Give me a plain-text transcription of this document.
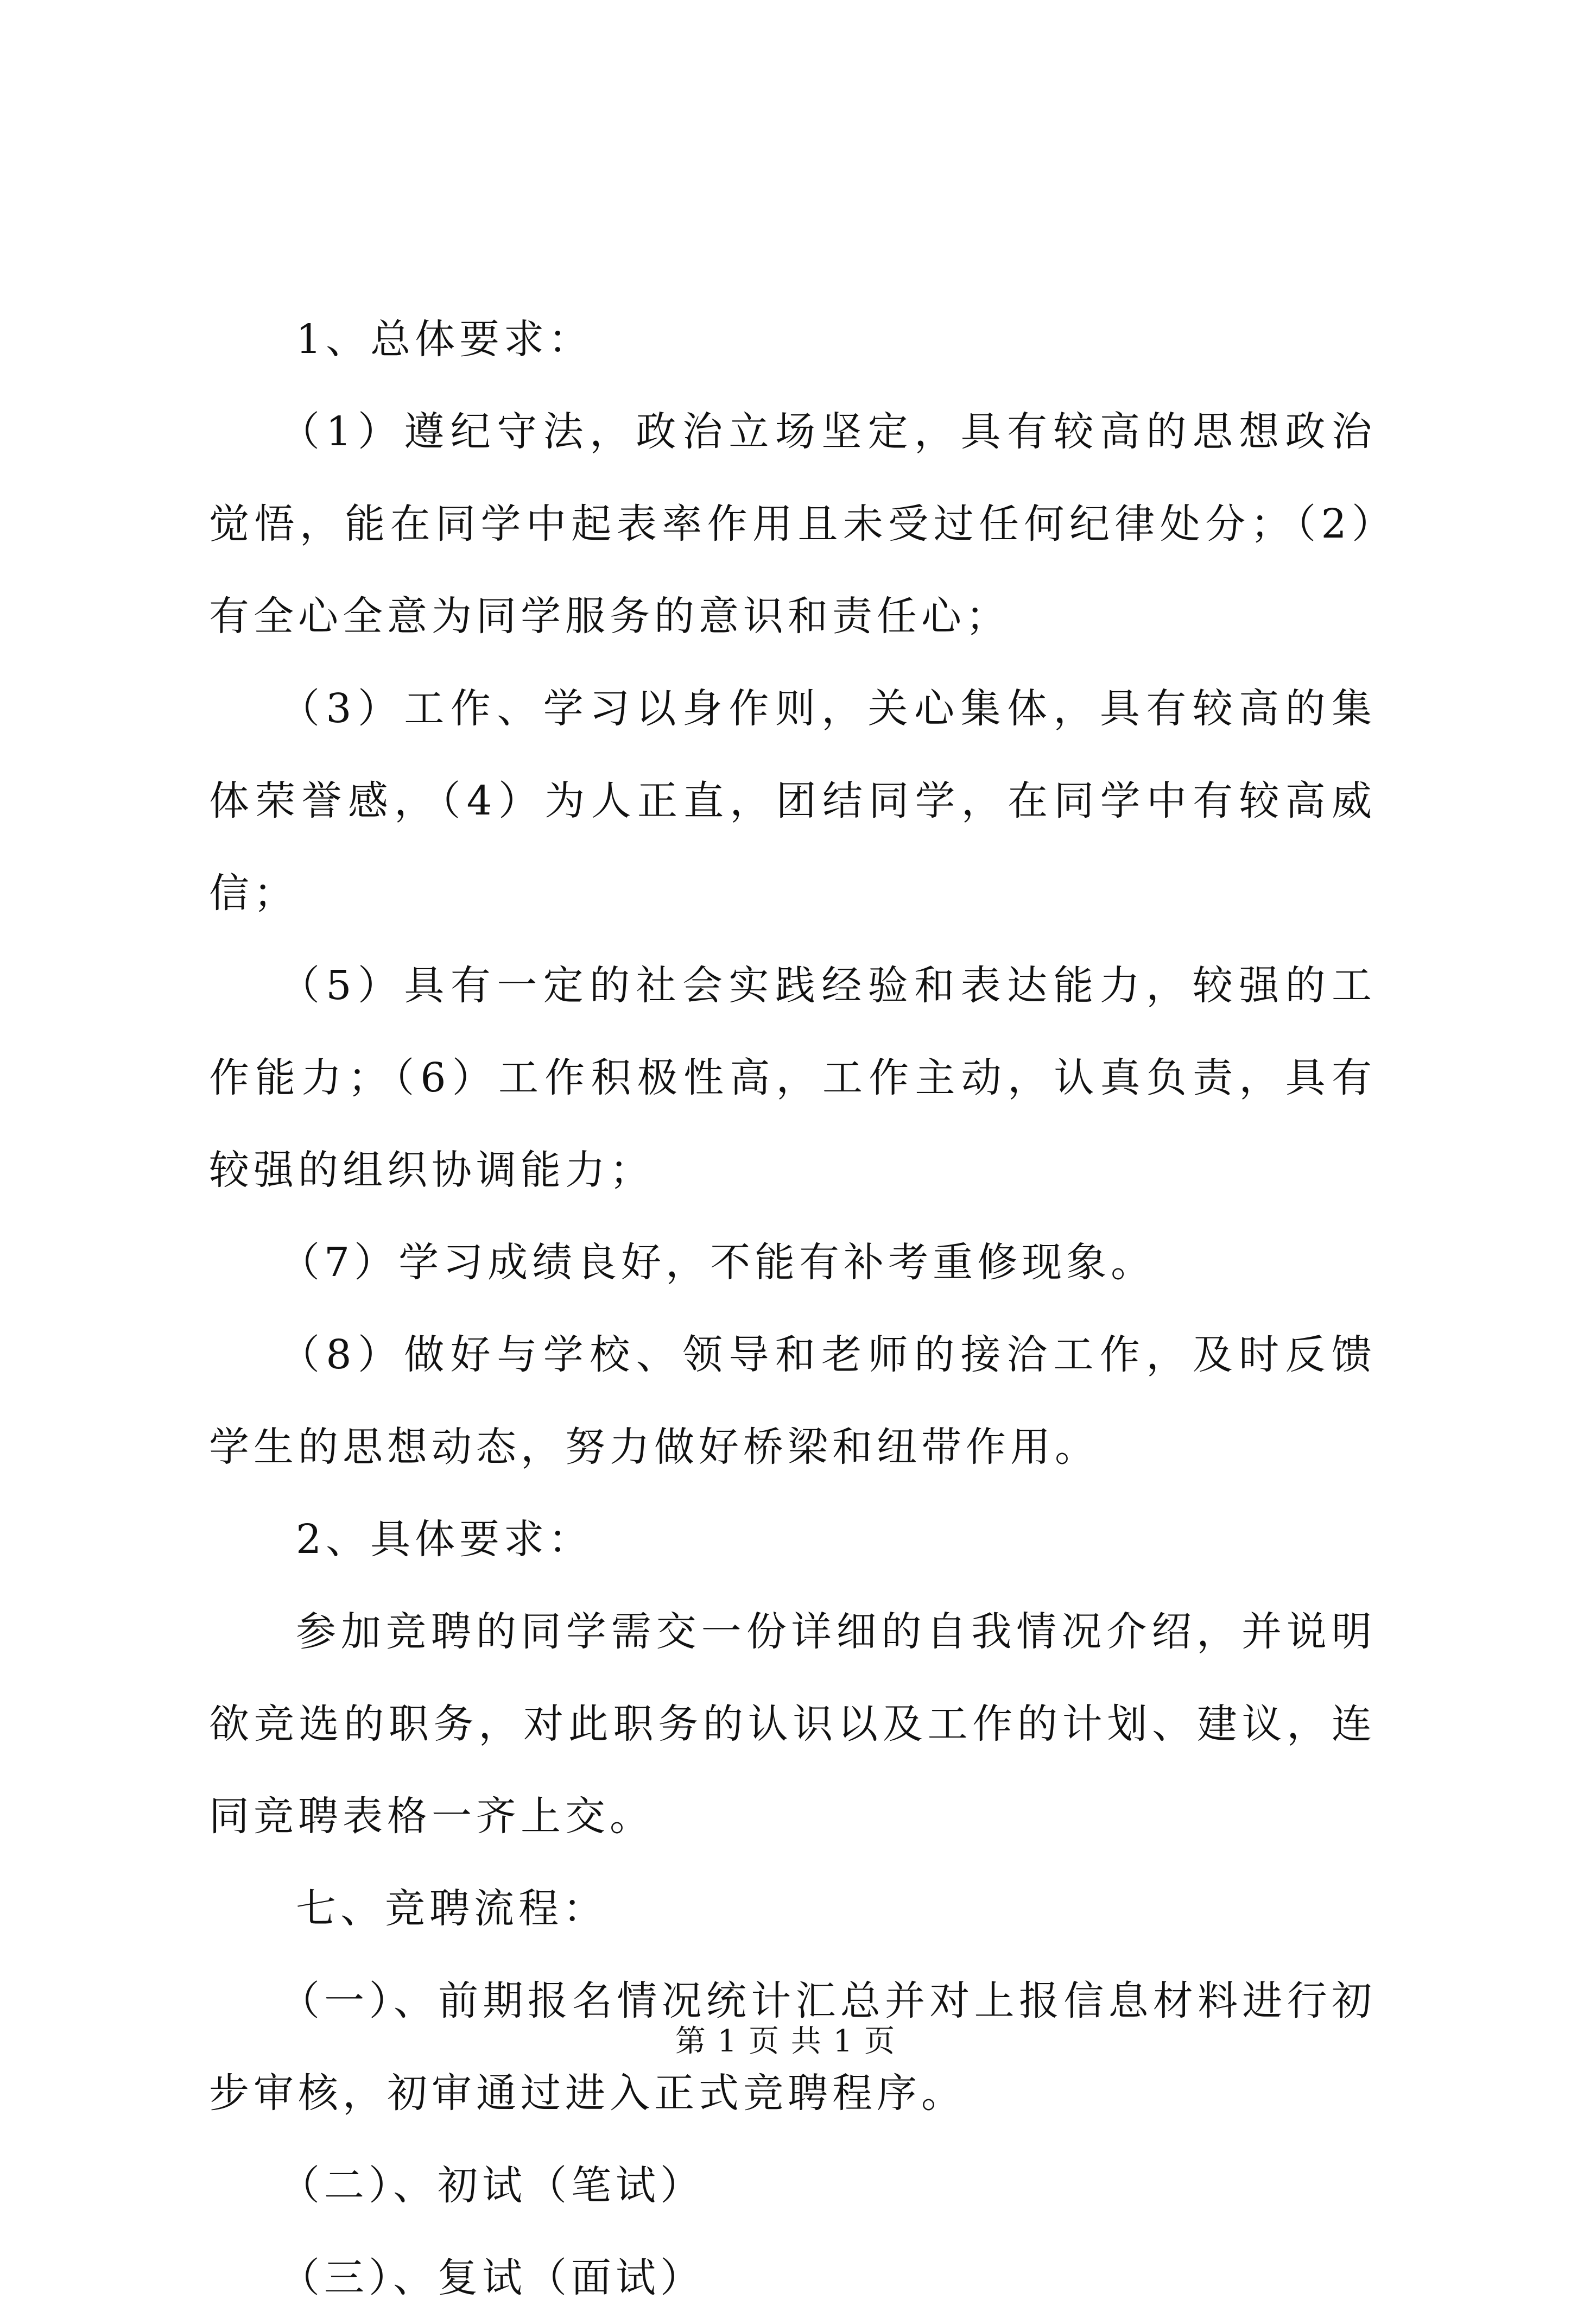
1、总体要求：

（1）遵纪守法，政治立场坚定，具有较高的思想政治觉悟，能在同学中起表率作用且未受过任何纪律处分；（2）有全心全意为同学服务的意识和责任心；

（3）工作、学习以身作则，关心集体，具有较高的集体荣誉感，（4）为人正直，团结同学，在同学中有较高威信；

（5）具有一定的社会实践经验和表达能力，较强的工作能力；（6）工作积极性高，工作主动，认真负责，具有较强的组织协调能力；

（7）学习成绩良好，不能有补考重修现象。

（8）做好与学校、领导和老师的接洽工作，及时反馈学生的思想动态，努力做好桥梁和纽带作用。

2、具体要求：

参加竞聘的同学需交一份详细的自我情况介绍，并说明欲竞选的职务，对此职务的认识以及工作的计划、建议，连同竞聘表格一齐上交。

七、竞聘流程：

（一）、前期报名情况统计汇总并对上报信息材料进行初步审核，初审通过进入正式竞聘程序。

（二）、初试（笔试）

（三）、复试（面试）

第 1 页 共 1 页
